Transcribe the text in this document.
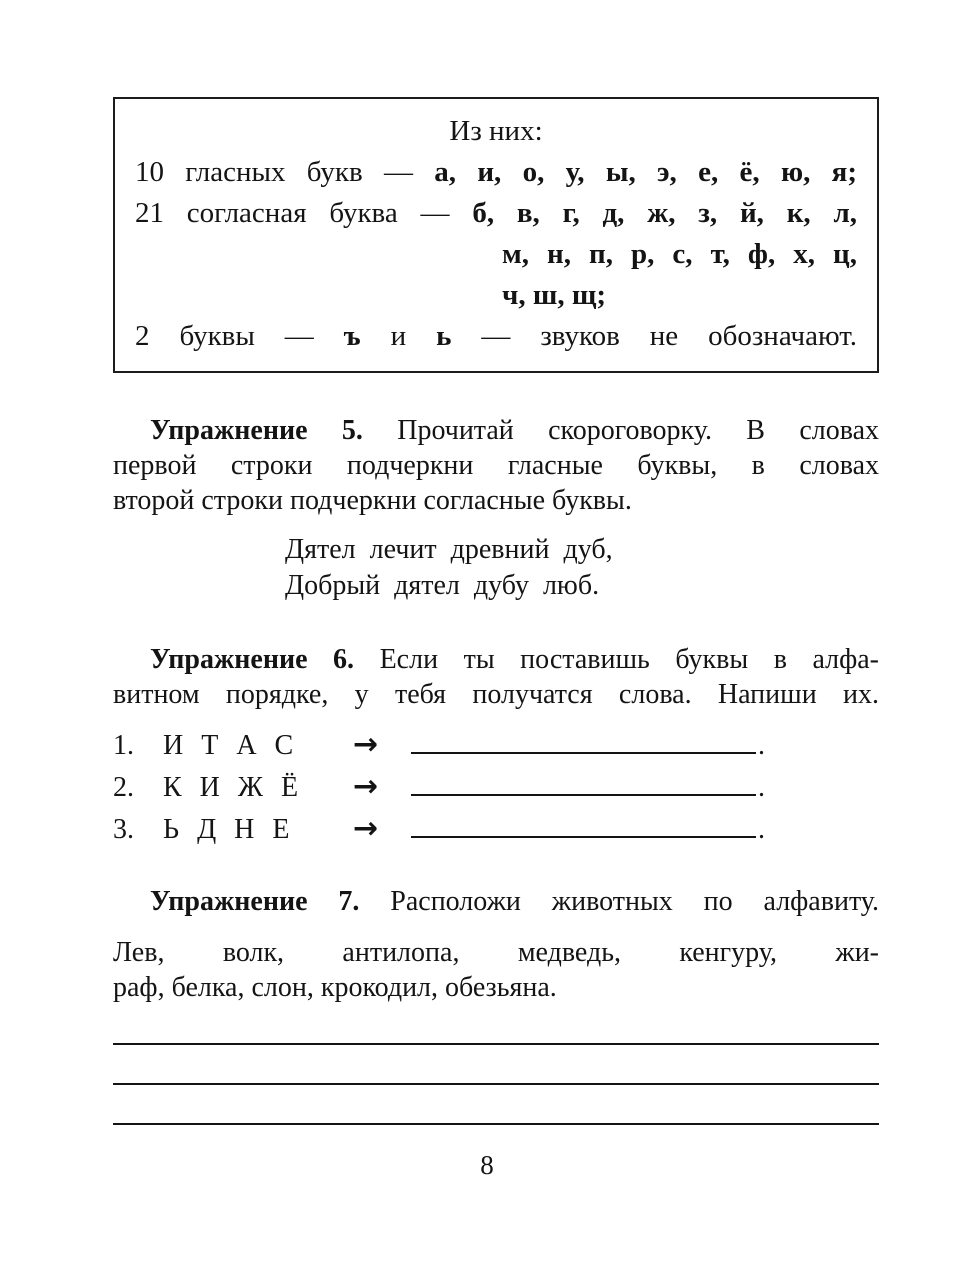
Из них:
10 гласных букв — а, и, о, у, ы, э, е, ё, ю, я;
21 согласная буква — б, в, г, д, ж, з, й, к, л,
м, н, п, р, с, т, ф, х, ц,
ч, ш, щ;
2 буквы — ъ и ь — звуков не обозначают.
Упражнение 5. Прочитай скороговорку. В словах
первой строки подчеркни гласные буквы, в словах
второй строки подчеркни согласные буквы.
Дятел лечит древний дуб,
Добрый дятел дубу люб.
Упражнение 6. Если ты поставишь буквы в алфа-
витном порядке, у тебя получатся слова. Напиши их.
1.	И Т А С	→	.
2.	К И Ж Ё	→	.
3.	Ь Д Н Е	→	.
Упражнение 7. Расположи животных по алфавиту.
Лев, волк, антилопа, медведь, кенгуру, жи-
раф, белка, слон, крокодил, обезьяна.
8
